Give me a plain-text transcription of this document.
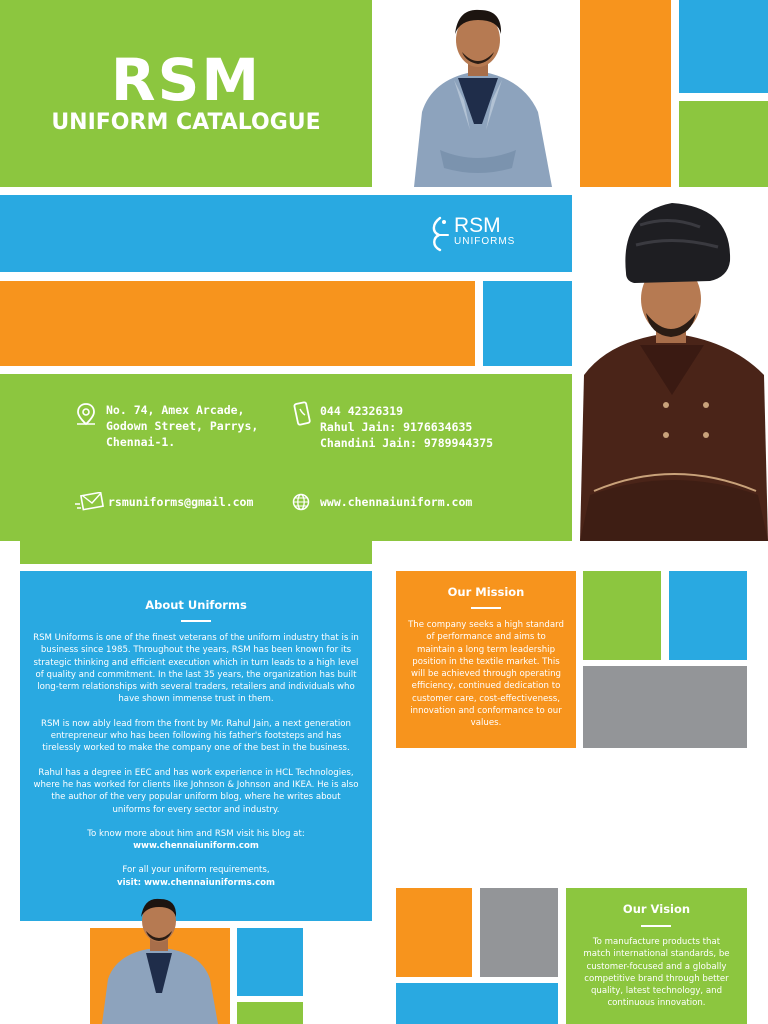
RSM
UNIFORM CATALOGUE
RSM
UNIFORMS
No. 74, Amex Arcade,
Godown Street, Parrys,
Chennai-1.
044 42326319
Rahul Jain: 9176634635
Chandini Jain: 9789944375
rsmuniforms@gmail.com	www.chennaiuniform.com
About Uniforms

RSM Uniforms is one of the finest veterans of the uniform industry that is in business since 1985. Throughout the years, RSM has been known for its strategic thinking and efficient execution which in turn leads to a high level of quality and commitment. In the last 35 years, the organization has built long-term relationships with several traders, retailers and individuals who have shown immense trust in them.

RSM is now ably lead from the front by Mr. Rahul Jain, a next generation entrepreneur who has been following his father's footsteps and has tirelessly worked to make the company one of the best in the business.

Rahul has a degree in EEC and has work experience in HCL Technologies, where he has worked for clients like Johnson & Johnson and IKEA. He is also the author of the very popular uniform blog, where he writes about uniforms for every sector and industry.

To know more about him and RSM visit his blog at:
www.chennaiuniform.com

For all your uniform requirements,
visit: www.chennaiuniforms.com

Our Mission
The company seeks a high standard of performance and aims to maintain a long term leadership position in the textile market. This will be achieved through operating efficiency, continued dedication to customer care, cost-effectiveness, innovation and conformance to our values.
Our Vision
To manufacture products that match international standards, be customer-focused and a globally competitive brand through better quality, latest technology, and continuous innovation.
